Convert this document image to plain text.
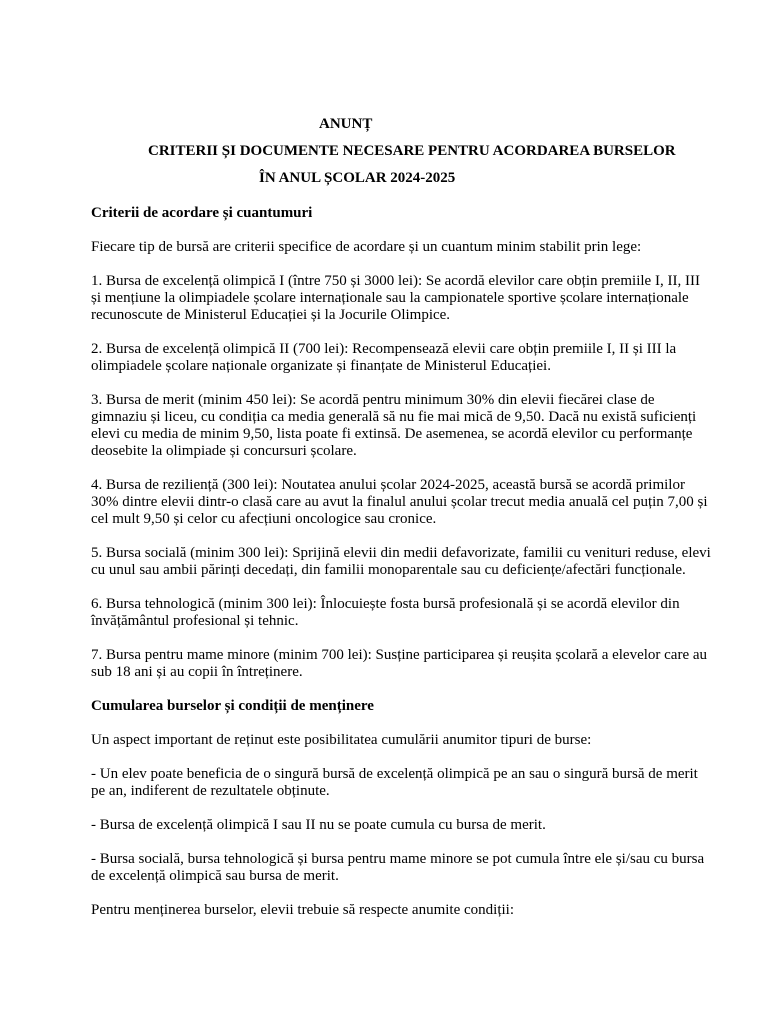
ANUNȚ
CRITERII ȘI DOCUMENTE NECESARE PENTRU ACORDAREA BURSELOR
ÎN ANUL ȘCOLAR 2024-2025
Criterii de acordare și cuantumuri

Fiecare tip de bursă are criterii specifice de acordare și un cuantum minim stabilit prin lege:

1. Bursa de excelență olimpică I (între 750 și 3000 lei): Se acordă elevilor care obțin premiile I, II, III și mențiune la olimpiadele școlare internaționale sau la campionatele sportive școlare internaționale recunoscute de Ministerul Educației și la Jocurile Olimpice.

2. Bursa de excelență olimpică II (700 lei): Recompensează elevii care obțin premiile I, II și III la olimpiadele școlare naționale organizate și finanțate de Ministerul Educației.

3. Bursa de merit (minim 450 lei): Se acordă pentru minimum 30% din elevii fiecărei clase de gimnaziu și liceu, cu condiția ca media generală să nu fie mai mică de 9,50. Dacă nu există suficienți elevi cu media de minim 9,50, lista poate fi extinsă. De asemenea, se acordă elevilor cu performanțe deosebite la olimpiade și concursuri școlare.

4. Bursa de reziliență (300 lei): Noutatea anului școlar 2024-2025, această bursă se acordă primilor 30% dintre elevii dintr-o clasă care au avut la finalul anului școlar trecut media anuală cel puțin 7,00 și cel mult 9,50 și celor cu afecțiuni oncologice sau cronice.

5. Bursa socială (minim 300 lei): Sprijină elevii din medii defavorizate, familii cu venituri reduse, elevi cu unul sau ambii părinți decedați, din familii monoparentale sau cu deficiențe/afectări funcționale.

6. Bursa tehnologică (minim 300 lei): Înlocuiește fosta bursă profesională și se acordă elevilor din învățământul profesional și tehnic.

7. Bursa pentru mame minore (minim 700 lei): Susține participarea și reușita școlară a elevelor care au sub 18 ani și au copii în întreținere.

Cumularea burselor și condiții de menținere

Un aspect important de reținut este posibilitatea cumulării anumitor tipuri de burse:

- Un elev poate beneficia de o singură bursă de excelență olimpică pe an sau o singură bursă de merit pe an, indiferent de rezultatele obținute.

- Bursa de excelență olimpică I sau II nu se poate cumula cu bursa de merit.

- Bursa socială, bursa tehnologică și bursa pentru mame minore se pot cumula între ele și/sau cu bursa de excelență olimpică sau bursa de merit.

Pentru menținerea burselor, elevii trebuie să respecte anumite condiții:
